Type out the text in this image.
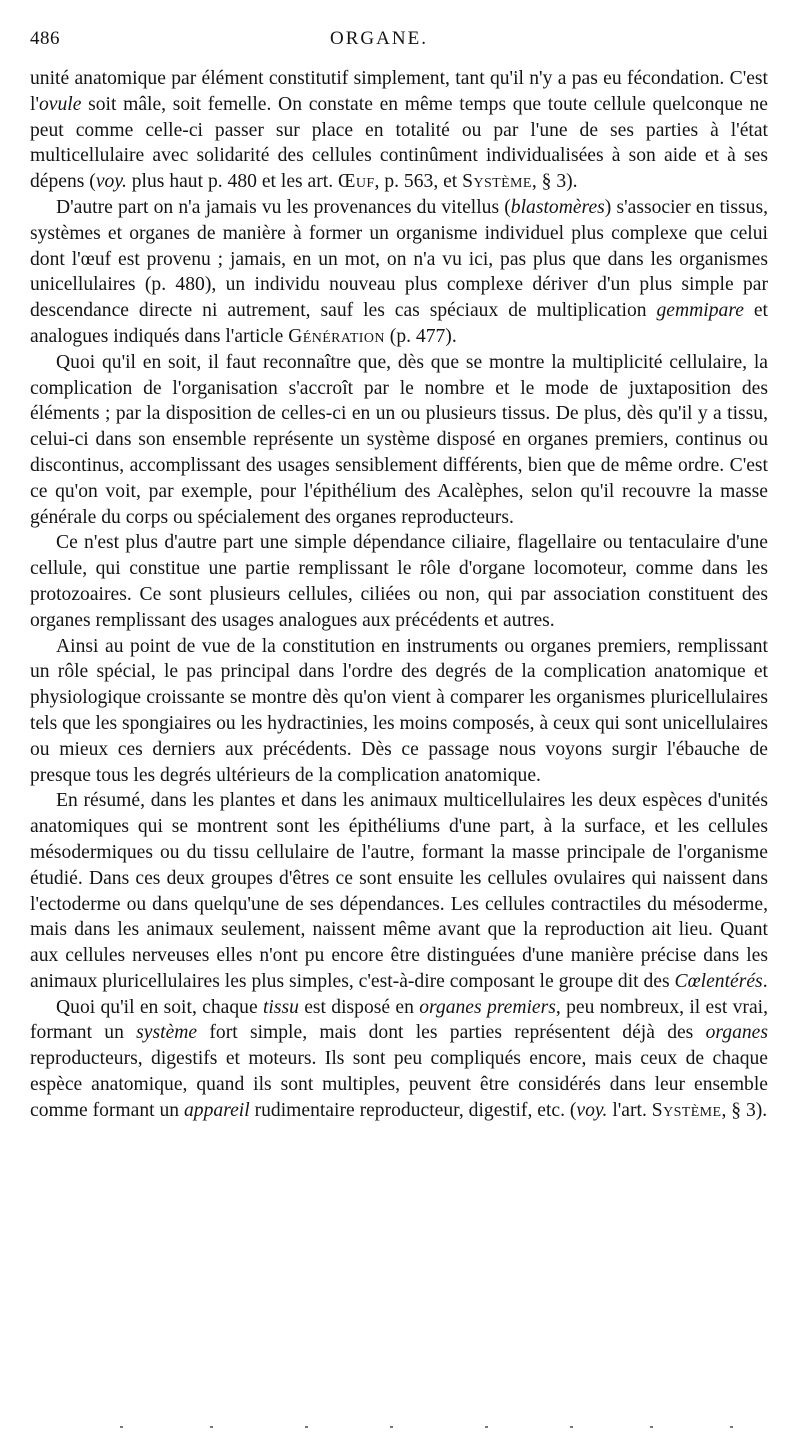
486	ORGANE.

unité anatomique par élément constitutif simplement, tant qu'il n'y a pas eu fécondation. C'est l'ovule soit mâle, soit femelle. On constate en même temps que toute cellule quelconque ne peut comme celle-ci passer sur place en totalité ou par l'une de ses parties à l'état multicellulaire avec solidarité des cellules continûment individualisées à son aide et à ses dépens (voy. plus haut p. 480 et les art. Œuf, p. 563, et Système, § 3).

D'autre part on n'a jamais vu les provenances du vitellus (blastomères) s'associer en tissus, systèmes et organes de manière à former un organisme individuel plus complexe que celui dont l'œuf est provenu ; jamais, en un mot, on n'a vu ici, pas plus que dans les organismes unicellulaires (p. 480), un individu nouveau plus complexe dériver d'un plus simple par descendance directe ni autrement, sauf les cas spéciaux de multiplication gemmipare et analogues indiqués dans l'article Génération (p. 477).

Quoi qu'il en soit, il faut reconnaître que, dès que se montre la multiplicité cellulaire, la complication de l'organisation s'accroît par le nombre et le mode de juxtaposition des éléments ; par la disposition de celles-ci en un ou plusieurs tissus. De plus, dès qu'il y a tissu, celui-ci dans son ensemble représente un système disposé en organes premiers, continus ou discontinus, accomplissant des usages sensiblement différents, bien que de même ordre. C'est ce qu'on voit, par exemple, pour l'épithélium des Acalèphes, selon qu'il recouvre la masse générale du corps ou spécialement des organes reproducteurs.

Ce n'est plus d'autre part une simple dépendance ciliaire, flagellaire ou tentaculaire d'une cellule, qui constitue une partie remplissant le rôle d'organe locomoteur, comme dans les protozoaires. Ce sont plusieurs cellules, ciliées ou non, qui par association constituent des organes remplissant des usages analogues aux précédents et autres.

Ainsi au point de vue de la constitution en instruments ou organes premiers, remplissant un rôle spécial, le pas principal dans l'ordre des degrés de la complication anatomique et physiologique croissante se montre dès qu'on vient à comparer les organismes pluricellulaires tels que les spongiaires ou les hydractinies, les moins composés, à ceux qui sont unicellulaires ou mieux ces derniers aux précédents. Dès ce passage nous voyons surgir l'ébauche de presque tous les degrés ultérieurs de la complication anatomique.

En résumé, dans les plantes et dans les animaux multicellulaires les deux espèces d'unités anatomiques qui se montrent sont les épithéliums d'une part, à la surface, et les cellules mésodermiques ou du tissu cellulaire de l'autre, formant la masse principale de l'organisme étudié. Dans ces deux groupes d'êtres ce sont ensuite les cellules ovulaires qui naissent dans l'ectoderme ou dans quelqu'une de ses dépendances. Les cellules contractiles du mésoderme, mais dans les animaux seulement, naissent même avant que la reproduction ait lieu. Quant aux cellules nerveuses elles n'ont pu encore être distinguées d'une manière précise dans les animaux pluricellulaires les plus simples, c'est-à-dire composant le groupe dit des Cœlentérés.

Quoi qu'il en soit, chaque tissu est disposé en organes premiers, peu nombreux, il est vrai, formant un système fort simple, mais dont les parties représentent déjà des organes reproducteurs, digestifs et moteurs. Ils sont peu compliqués encore, mais ceux de chaque espèce anatomique, quand ils sont multiples, peuvent être considérés dans leur ensemble comme formant un appareil rudimentaire reproducteur, digestif, etc. (voy. l'art. Système, § 3).
